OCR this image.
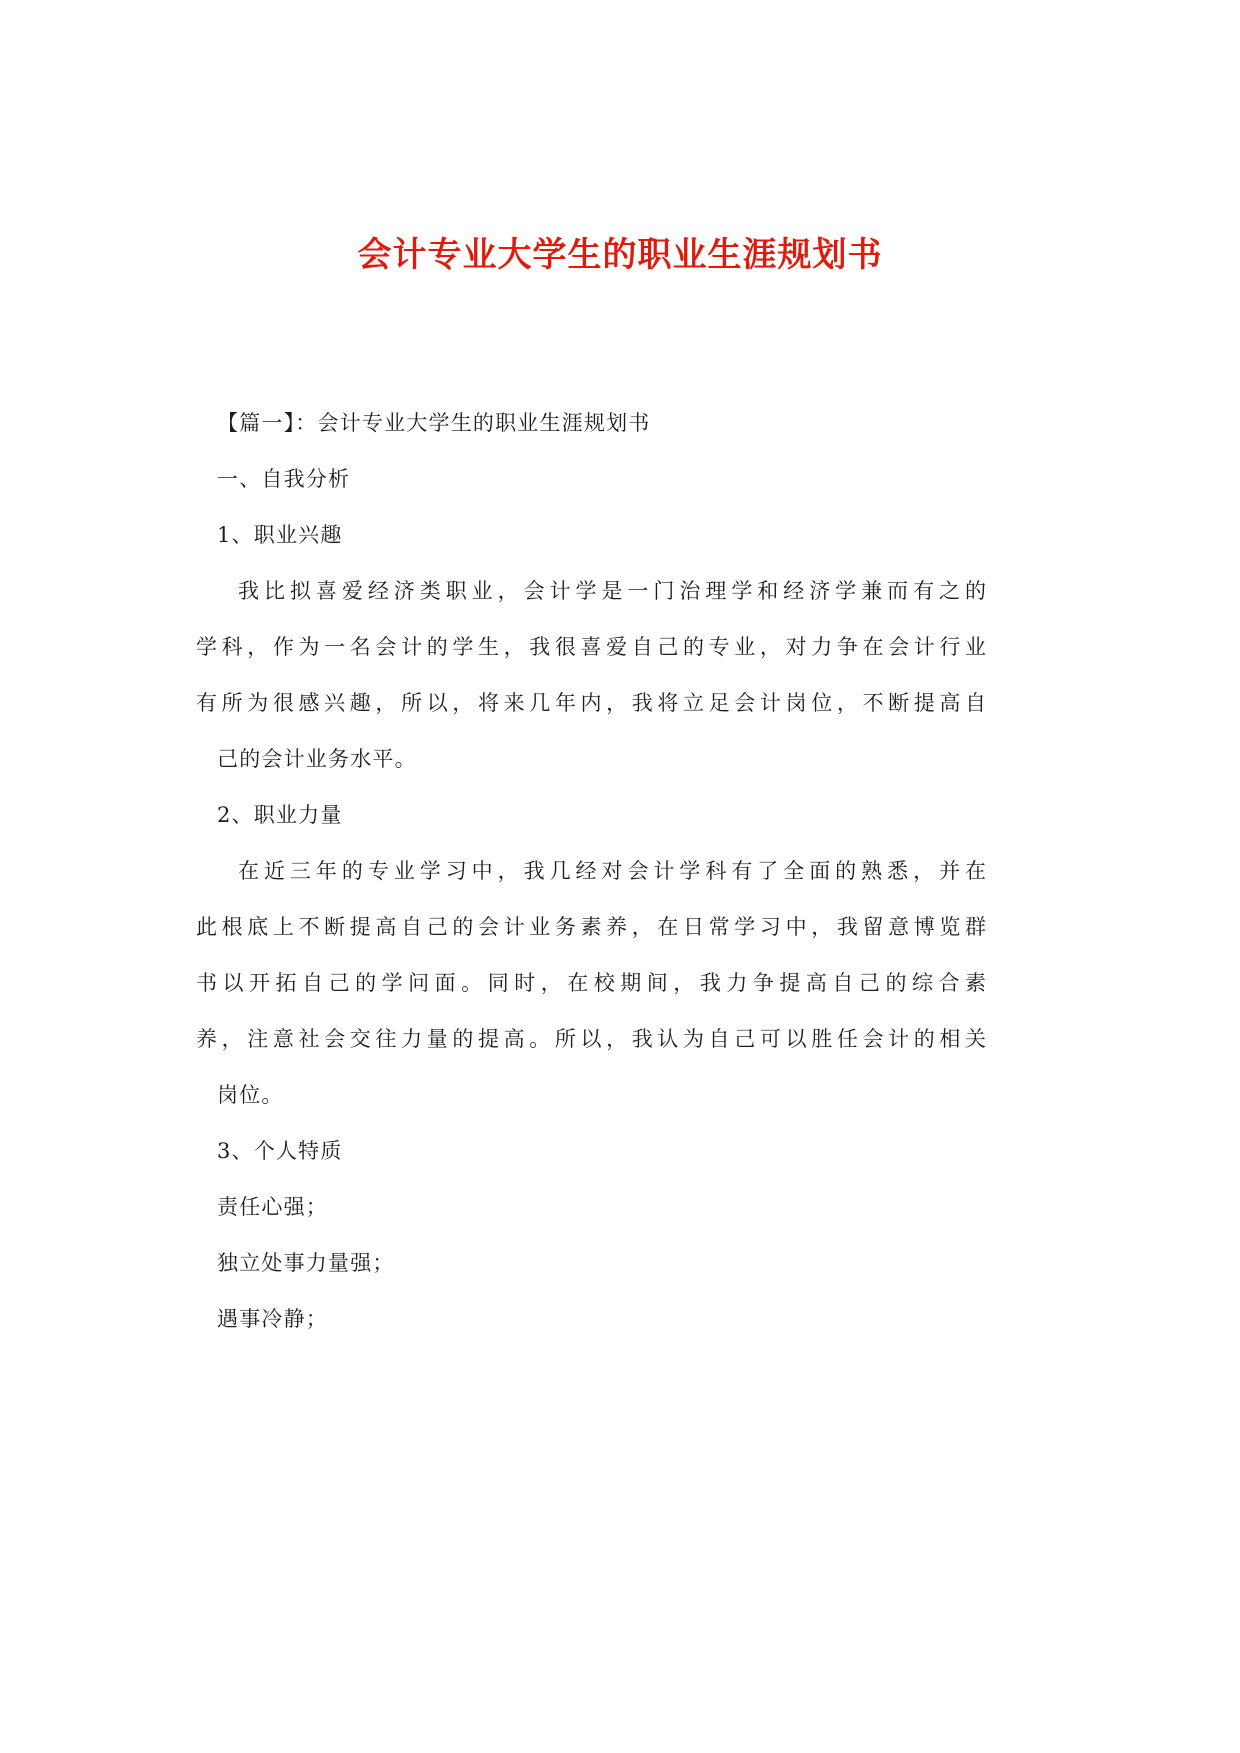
会计专业大学生的职业生涯规划书
【篇一】：会计专业大学生的职业生涯规划书
一、自我分析
1、职业兴趣
我比拟喜爱经济类职业，会计学是一门治理学和经济学兼而有之的
学科，作为一名会计的学生，我很喜爱自己的专业，对力争在会计行业
有所为很感兴趣，所以，将来几年内，我将立足会计岗位，不断提高自
己的会计业务水平。
2、职业力量
在近三年的专业学习中，我几经对会计学科有了全面的熟悉，并在
此根底上不断提高自己的会计业务素养，在日常学习中，我留意博览群
书以开拓自己的学问面。同时，在校期间，我力争提高自己的综合素
养，注意社会交往力量的提高。所以，我认为自己可以胜任会计的相关
岗位。
3、个人特质
责任心强；
独立处事力量强；
遇事冷静；
